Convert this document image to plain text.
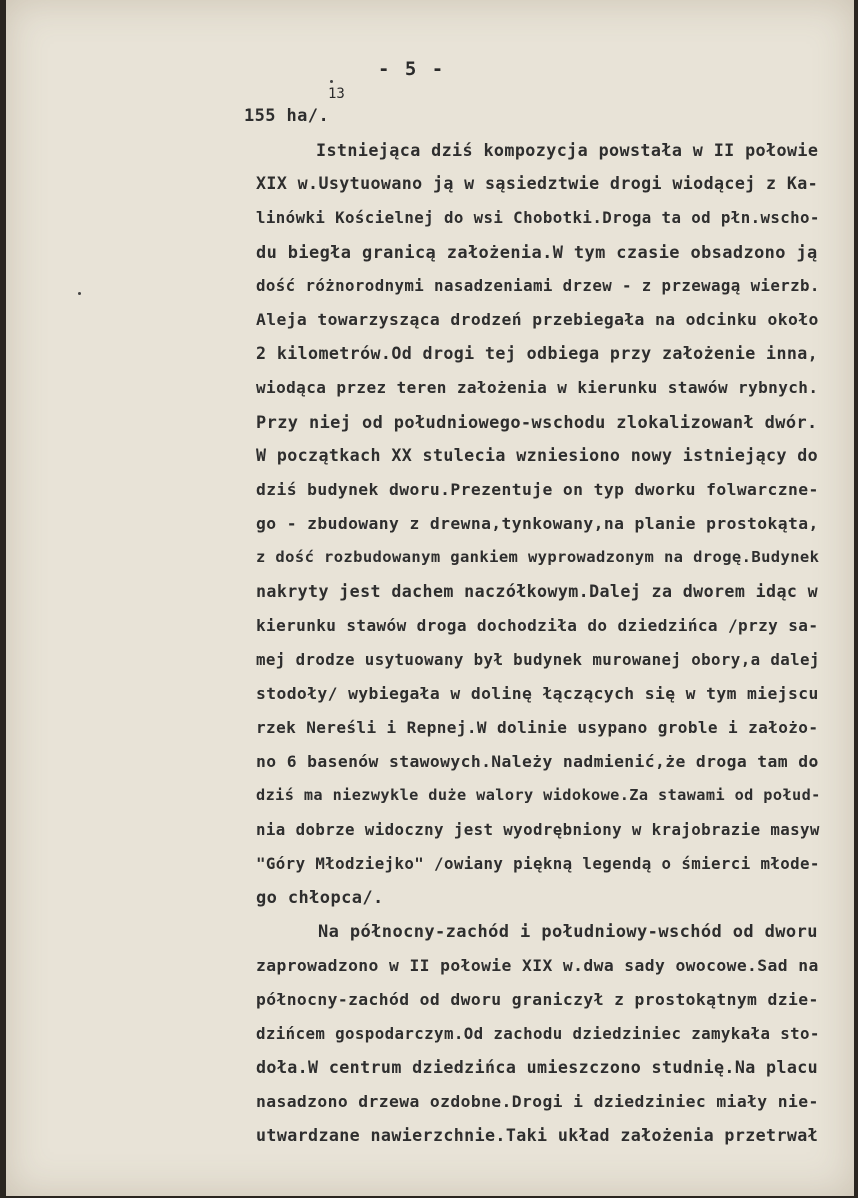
- 5 -
13
155 ha/.
Istniejąca dziś kompozycja powstała w II połowie
XIX w.Usytuowano ją w sąsiedztwie drogi wiodącej z Ka-
linówki Kościelnej do wsi Chobotki.Droga ta od płn.wscho-
du biegła granicą założenia.W tym czasie obsadzono ją
dość różnorodnymi nasadzeniami drzew - z przewagą wierzb.
Aleja towarzysząca drodzeń przebiegała na odcinku około
2 kilometrów.Od drogi tej odbiega przy założenie inna,
wiodąca przez teren założenia w kierunku stawów rybnych.
Przy niej od południowego-wschodu zlokalizowanł dwór.
W początkach XX stulecia wzniesiono nowy istniejący do
dziś budynek dworu.Prezentuje on typ dworku folwarczne-
go - zbudowany z drewna,tynkowany,na planie prostokąta,
z dość rozbudowanym gankiem wyprowadzonym na drogę.Budynek
nakryty jest dachem naczółkowym.Dalej za dworem idąc w
kierunku stawów droga dochodziła do dziedzińca /przy sa-
mej drodze usytuowany był budynek murowanej obory,a dalej
stodoły/ wybiegała w dolinę łączących się w tym miejscu
rzek Nereśli i Repnej.W dolinie usypano groble i założo-
no 6 basenów stawowych.Należy nadmienić,że droga tam do
dziś ma niezwykle duże walory widokowe.Za stawami od połud-
nia dobrze widoczny jest wyodrębniony w krajobrazie masyw
"Góry Młodziejko" /owiany piękną legendą o śmierci młode-
go chłopca/.
Na północny-zachód i południowy-wschód od dworu
zaprowadzono w II połowie XIX w.dwa sady owocowe.Sad na
północny-zachód od dworu graniczył z prostokątnym dzie-
dzińcem gospodarczym.Od zachodu dziedziniec zamykała sto-
doła.W centrum dziedzińca umieszczono studnię.Na placu
nasadzono drzewa ozdobne.Drogi i dziedziniec miały nie-
utwardzane nawierzchnie.Taki układ założenia przetrwał
